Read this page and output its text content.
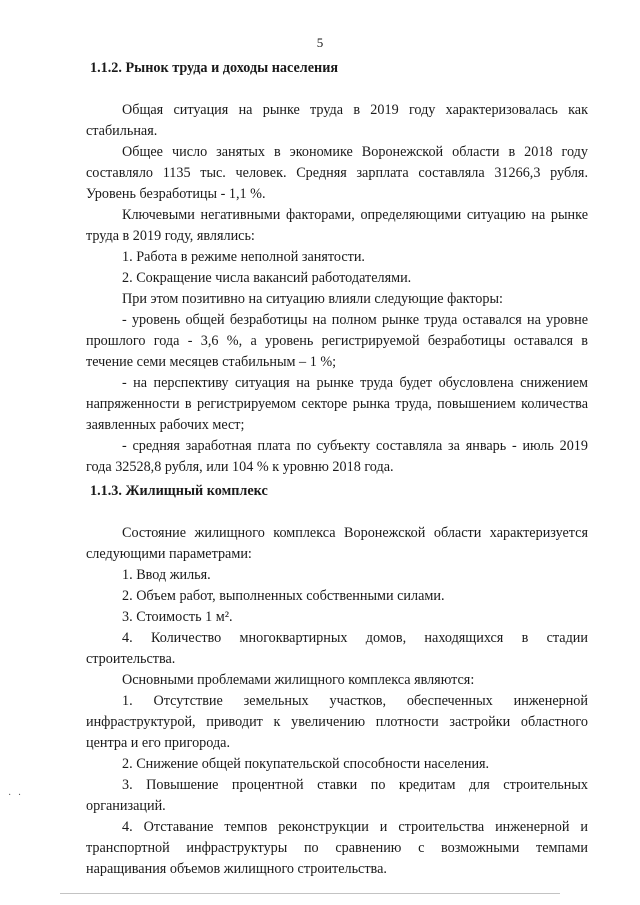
5

1.1.2. Рынок труда и доходы населения

Общая ситуация на рынке труда в 2019 году характеризовалась как стабильная.

Общее число занятых в экономике Воронежской области в 2018 году составляло 1135 тыс. человек. Средняя зарплата составляла 31266,3 рубля. Уровень безработицы - 1,1 %.

Ключевыми негативными факторами, определяющими ситуацию на рынке труда в 2019 году, являлись:

1. Работа в режиме неполной занятости.

2. Сокращение числа вакансий работодателями.

При этом позитивно на ситуацию влияли следующие факторы:

- уровень общей безработицы на полном рынке труда оставался на уровне прошлого года - 3,6 %, а уровень регистрируемой безработицы оставался в течение семи месяцев стабильным – 1 %;

- на перспективу ситуация на рынке труда будет обусловлена снижением напряженности в регистрируемом секторе рынка труда, повышением количества заявленных рабочих мест;

- средняя заработная плата по субъекту составляла за январь - июль 2019 года 32528,8 рубля, или 104 % к уровню 2018 года.

1.1.3. Жилищный комплекс

Состояние жилищного комплекса Воронежской области характеризуется следующими параметрами:

1. Ввод жилья.

2. Объем работ, выполненных собственными силами.

3. Стоимость 1 м².

4. Количество многоквартирных домов, находящихся в стадии строительства.

Основными проблемами жилищного комплекса являются:

1. Отсутствие земельных участков, обеспеченных инженерной инфраструктурой, приводит к увеличению плотности застройки областного центра и его пригорода.

2. Снижение общей покупательской способности населения.

3. Повышение процентной ставки по кредитам для строительных организаций.

4. Отставание темпов реконструкции и строительства инженерной и транспортной инфраструктуры по сравнению с возможными темпами наращивания объемов жилищного строительства.

· ·
